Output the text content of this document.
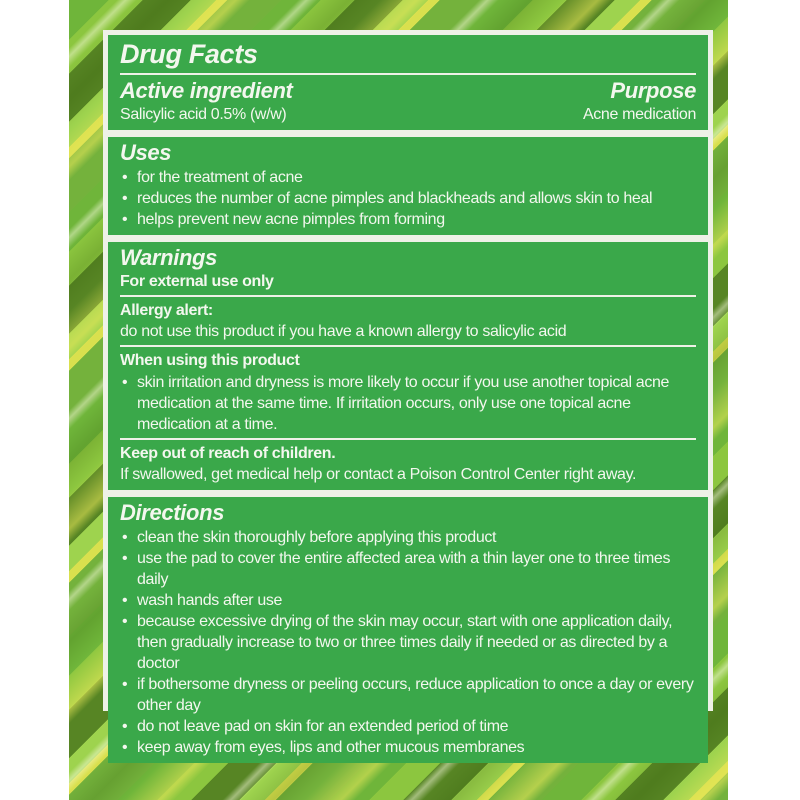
Drug Facts
Active ingredient
Salicylic acid 0.5% (w/w)
Purpose
Acne medication
Uses
• for the treatment of acne
• reduces the number of acne pimples and blackheads and allows skin to heal
• helps prevent new acne pimples from forming
Warnings
For external use only
Allergy alert:
do not use this product if you have a known allergy to salicylic acid
When using this product
• skin irritation and dryness is more likely to occur if you use another topical acne medication at the same time. If irritation occurs, only use one topical acne medication at a time.
Keep out of reach of children.
If swallowed, get medical help or contact a Poison Control Center right away.
Directions
• clean the skin thoroughly before applying this product
• use the pad to cover the entire affected area with a thin layer one to three times daily
• wash hands after use
• because excessive drying of the skin may occur, start with one application daily, then gradually increase to two or three times daily if needed or as directed by a doctor
• if bothersome dryness or peeling occurs, reduce application to once a day or every other day
• do not leave pad on skin for an extended period of time
• keep away from eyes, lips and other mucous membranes
